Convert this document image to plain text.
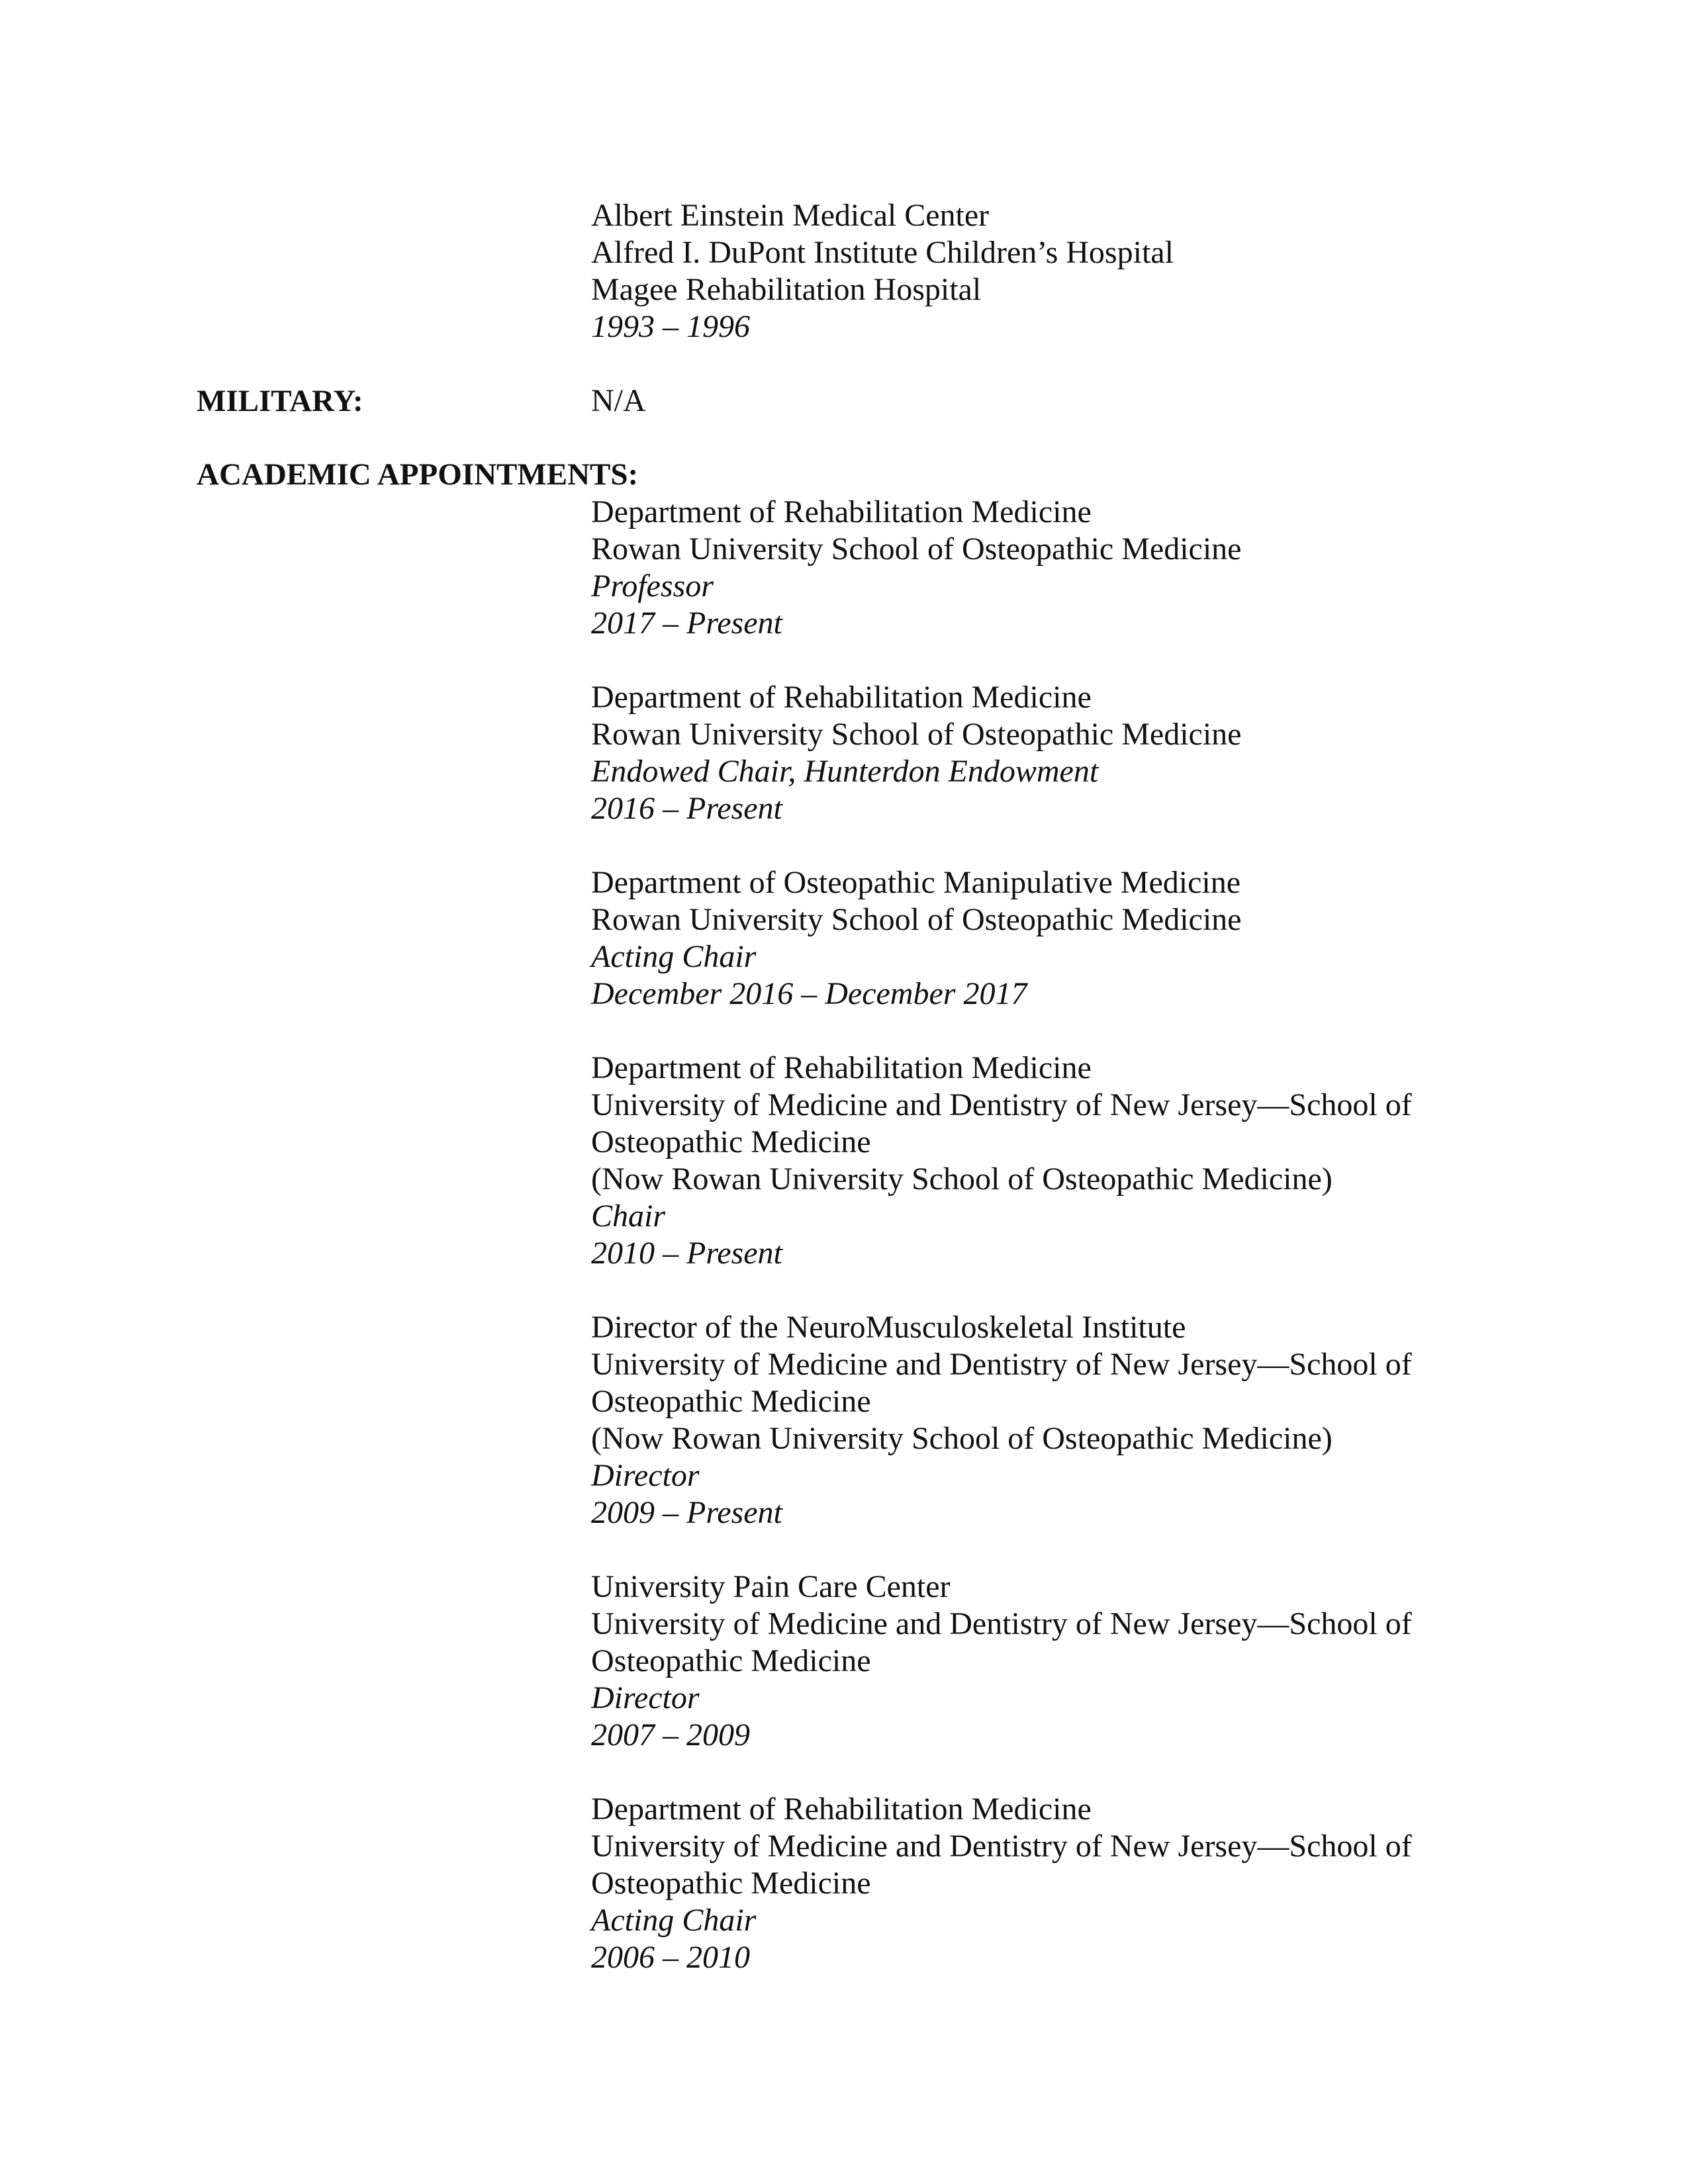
Albert Einstein Medical Center
Alfred I. DuPont Institute Children’s Hospital
Magee Rehabilitation Hospital
1993 – 1996
MILITARY:	N/A
ACADEMIC APPOINTMENTS:
Department of Rehabilitation Medicine
Rowan University School of Osteopathic Medicine
Professor
2017 – Present
Department of Rehabilitation Medicine
Rowan University School of Osteopathic Medicine
Endowed Chair, Hunterdon Endowment
2016 – Present
Department of Osteopathic Manipulative Medicine
Rowan University School of Osteopathic Medicine
Acting Chair
December 2016 – December 2017
Department of Rehabilitation Medicine
University of Medicine and Dentistry of New Jersey—School of
Osteopathic Medicine
(Now Rowan University School of Osteopathic Medicine)
Chair
2010 – Present
Director of the NeuroMusculoskeletal Institute
University of Medicine and Dentistry of New Jersey—School of
Osteopathic Medicine
(Now Rowan University School of Osteopathic Medicine)
Director
2009 – Present
University Pain Care Center
University of Medicine and Dentistry of New Jersey—School of
Osteopathic Medicine
Director
2007 – 2009
Department of Rehabilitation Medicine
University of Medicine and Dentistry of New Jersey—School of
Osteopathic Medicine
Acting Chair
2006 – 2010
